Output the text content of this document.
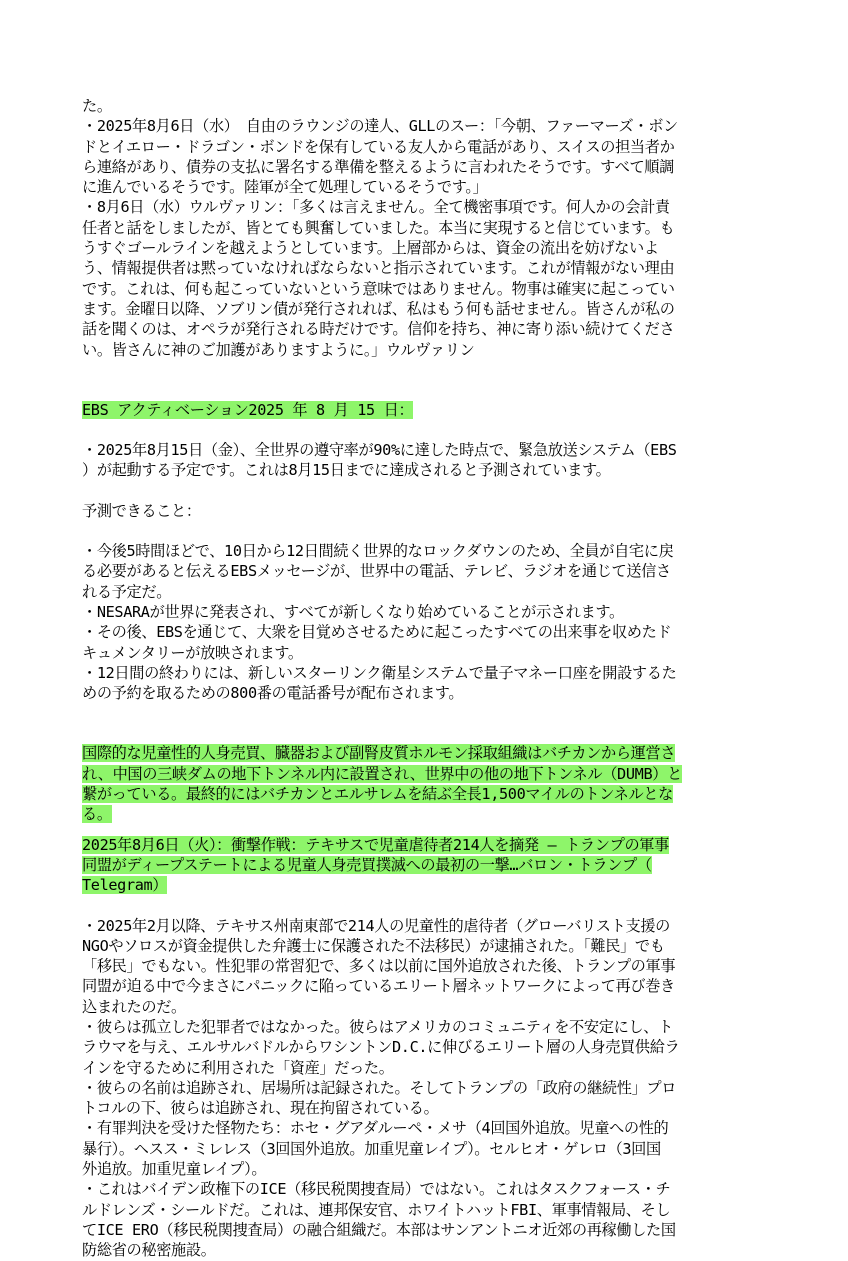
た。
・2025年8月6日（水）　自由のラウンジの達人、GLLのスー：「今朝、ファーマーズ・ボン
ドとイエロー・ドラゴン・ボンドを保有している友人から電話があり、スイスの担当者か
ら連絡があり、債券の支払に署名する準備を整えるように言われたそうです。すべて順調
に進んでいるそうです。陸軍が全て処理しているそうです。」
・8月6日（水）ウルヴァリン：「多くは言えません。全て機密事項です。何人かの会計責
任者と話をしましたが、皆とても興奮していました。本当に実現すると信じています。も
うすぐゴールラインを越えようとしています。上層部からは、資金の流出を妨げないよ
う、情報提供者は黙っていなければならないと指示されています。これが情報がない理由
です。これは、何も起こっていないという意味ではありません。物事は確実に起こってい
ます。金曜日以降、ソブリン債が発行されれば、私はもう何も話せません。皆さんが私の
話を聞くのは、オペラが発行される時だけです。信仰を持ち、神に寄り添い続けてくださ
い。皆さんに神のご加護がありますように。」ウルヴァリン
EBS アクティベーション2025 年 8 月 15 日：
・2025年8月15日（金）、全世界の遵守率が90%に達した時点で、緊急放送システム（EBS
）が起動する予定です。これは8月15日までに達成されると予測されています。
予測できること：
・今後5時間ほどで、10日から12日間続く世界的なロックダウンのため、全員が自宅に戻
る必要があると伝えるEBSメッセージが、世界中の電話、テレビ、ラジオを通じて送信さ
れる予定だ。
・NESARAが世界に発表され、すべてが新しくなり始めていることが示されます。
・その後、EBSを通じて、大衆を目覚めさせるために起こったすべての出来事を収めたド
キュメンタリーが放映されます。
・12日間の終わりには、新しいスターリンク衛星システムで量子マネー口座を開設するた
めの予約を取るための800番の電話番号が配布されます。
国際的な児童性的人身売買、臓器および副腎皮質ホルモン採取組織はバチカンから運営さ
れ、中国の三峡ダムの地下トンネル内に設置され、世界中の他の地下トンネル（DUMB）と
繋がっている。最終的にはバチカンとエルサレムを結ぶ全長1,500マイルのトンネルとな
る。
2025年8月6日（火）：衝撃作戦：テキサスで児童虐待者214人を摘発 ― トランプの軍事
同盟がディープステートによる児童人身売買撲滅への最初の一撃…バロン・トランプ（
Telegram）
・2025年2月以降、テキサス州南東部で214人の児童性的虐待者（グローバリスト支援の
NGOやソロスが資金提供した弁護士に保護された不法移民）が逮捕された。「難民」でも
「移民」でもない。性犯罪の常習犯で、多くは以前に国外追放された後、トランプの軍事
同盟が迫る中で今まさにパニックに陥っているエリート層ネットワークによって再び巻き
込まれたのだ。
・彼らは孤立した犯罪者ではなかった。彼らはアメリカのコミュニティを不安定にし、ト
ラウマを与え、エルサルバドルからワシントンD.C.に伸びるエリート層の人身売買供給ラ
インを守るために利用された「資産」だった。
・彼らの名前は追跡され、居場所は記録された。そしてトランプの「政府の継続性」プロ
トコルの下、彼らは追跡され、現在拘留されている。
・有罪判決を受けた怪物たち：ホセ・グアダルーペ・メサ（4回国外追放。児童への性的
暴行）。ヘスス・ミレレス（3回国外追放。加重児童レイプ）。セルヒオ・ゲレロ（3回国
外追放。加重児童レイプ）。
・これはバイデン政権下のICE（移民税関捜査局）ではない。これはタスクフォース・チ
ルドレンズ・シールドだ。これは、連邦保安官、ホワイトハットFBI、軍事情報局、そし
てICE ERO（移民税関捜査局）の融合組織だ。本部はサンアントニオ近郊の再稼働した国
防総省の秘密施設。
